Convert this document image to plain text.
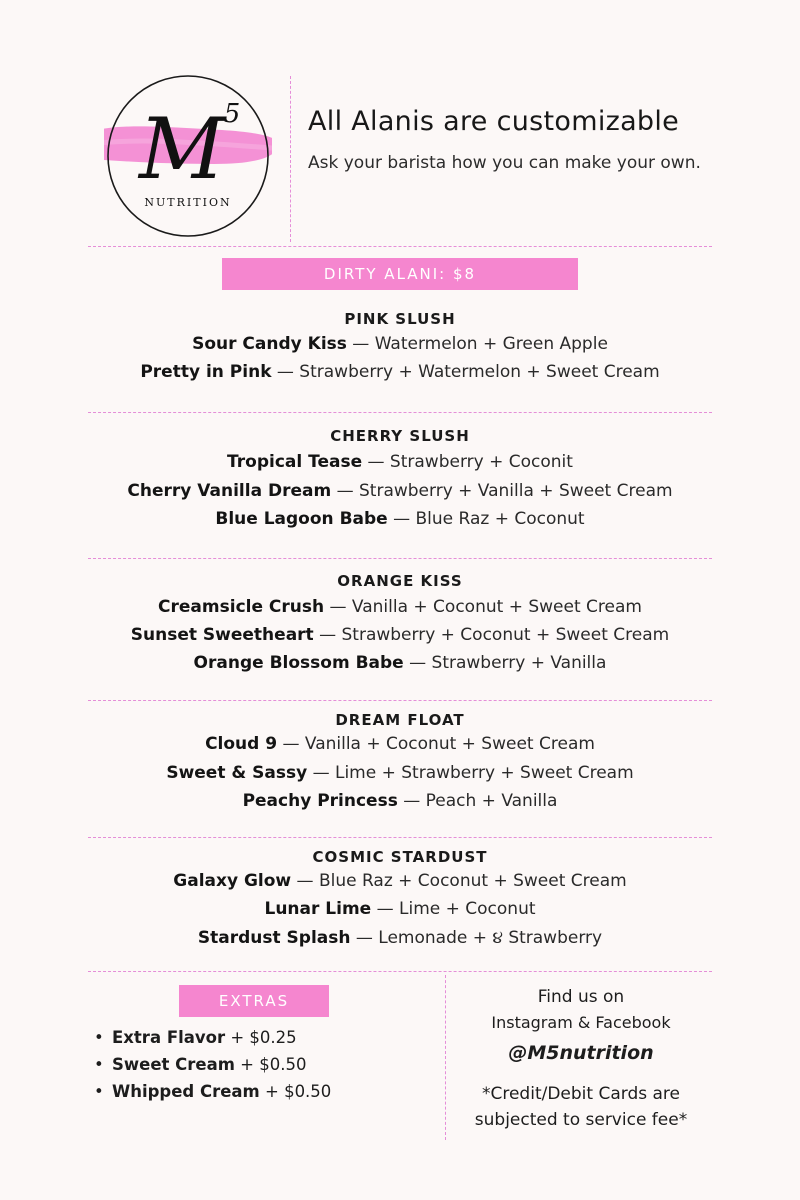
M
5
NUTRITION
All Alanis are customizable
Ask your barista how you can make your own.
DIRTY ALANI: $8
PINK SLUSH
Sour Candy Kiss — Watermelon + Green Apple
Pretty in Pink — Strawberry + Watermelon + Sweet Cream
CHERRY SLUSH
Tropical Tease — Strawberry + Coconit
Cherry Vanilla Dream — Strawberry + Vanilla + Sweet Cream
Blue Lagoon Babe — Blue Raz + Coconut
ORANGE KISS
Creamsicle Crush — Vanilla + Coconut + Sweet Cream
Sunset Sweetheart — Strawberry + Coconut + Sweet Cream
Orange Blossom Babe — Strawberry + Vanilla
DREAM FLOAT
Cloud 9 — Vanilla + Coconut + Sweet Cream
Sweet & Sassy — Lime + Strawberry + Sweet Cream
Peachy Princess — Peach + Vanilla
COSMIC STARDUST
Galaxy Glow — Blue Raz + Coconut + Sweet Cream
Lunar Lime — Lime + Coconut
Stardust Splash — Lemonade + ૪ Strawberry
EXTRAS
• Extra Flavor + $0.25
• Sweet Cream + $0.50
• Whipped Cream + $0.50
Find us on
Instagram & Facebook
@M5nutrition
*Credit/Debit Cards are
subjected to service fee*
